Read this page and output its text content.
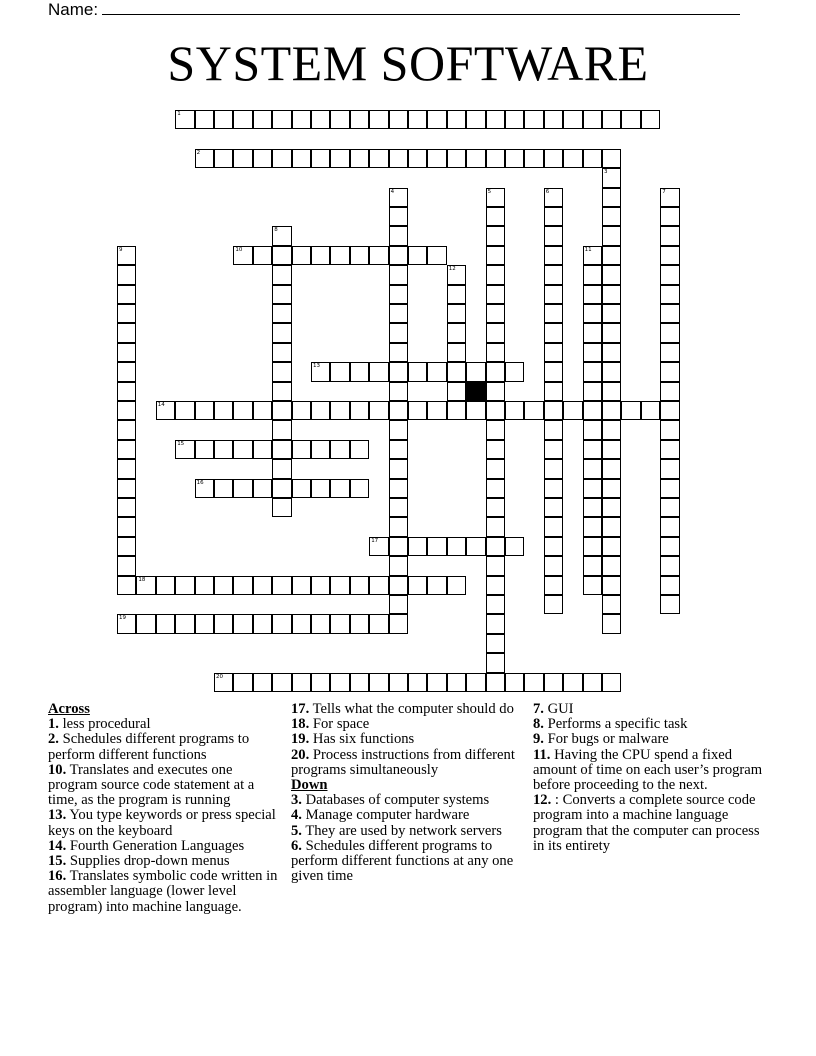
Name:
SYSTEM SOFTWARE
1
2
3
4	5	6	7
8
9	10	11
12
13
14
15
16
17
18
19
20
Across
1. less procedural
2. Schedules different programs to perform different functions
10. Translates and executes one program source code statement at a time, as the program is running
13. You type keywords or press special keys on the keyboard
14. Fourth Generation Languages
15. Supplies drop-down menus
16. Translates symbolic code written in assembler language (lower level program) into machine language.
17. Tells what the computer should do
18. For space
19. Has six functions
20. Process instructions from different programs simultaneously
Down
3. Databases of computer systems
4. Manage computer hardware
5. They are used by network servers
6. Schedules different programs to perform different functions at any one given time
7. GUI
8. Performs a specific task
9. For bugs or malware
11. Having the CPU spend a fixed amount of time on each user’s program before proceeding to the next.
12. : Converts a complete source code program into a machine language program that the computer can process in its entirety
